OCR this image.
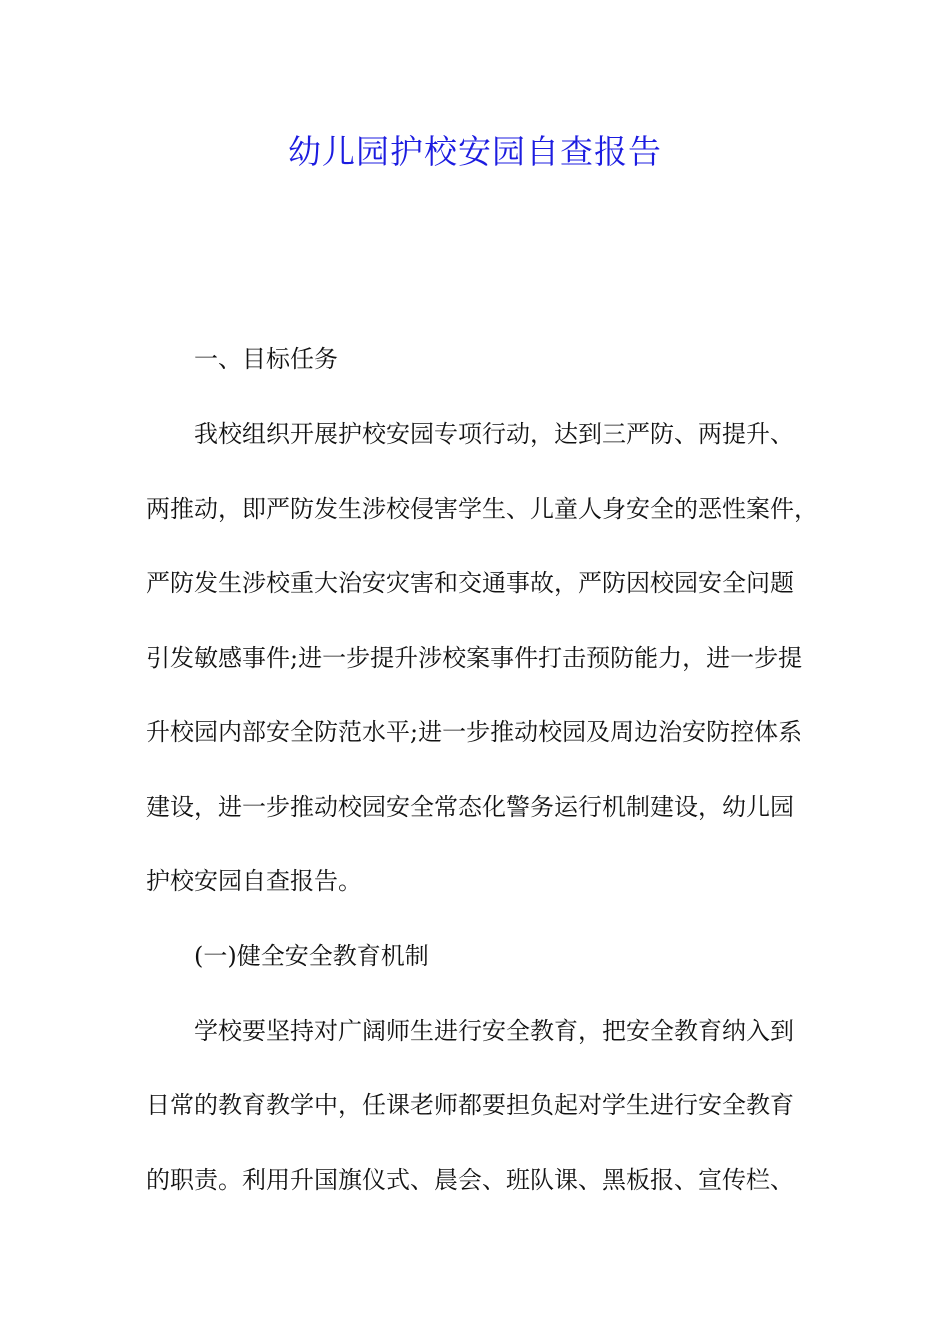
幼儿园护校安园自查报告
一、目标任务
我校组织开展护校安园专项行动，达到三严防、两提升、
两推动，即严防发生涉校侵害学生、儿童人身安全的恶性案件，
严防发生涉校重大治安灾害和交通事故，严防因校园安全问题
引发敏感事件;进一步提升涉校案事件打击预防能力，进一步提
升校园内部安全防范水平;进一步推动校园及周边治安防控体系
建设，进一步推动校园安全常态化警务运行机制建设，幼儿园
护校安园自查报告。
(一)健全安全教育机制
学校要坚持对广阔师生进行安全教育，把安全教育纳入到
日常的教育教学中，任课老师都要担负起对学生进行安全教育
的职责。利用升国旗仪式、晨会、班队课、黑板报、宣传栏、
